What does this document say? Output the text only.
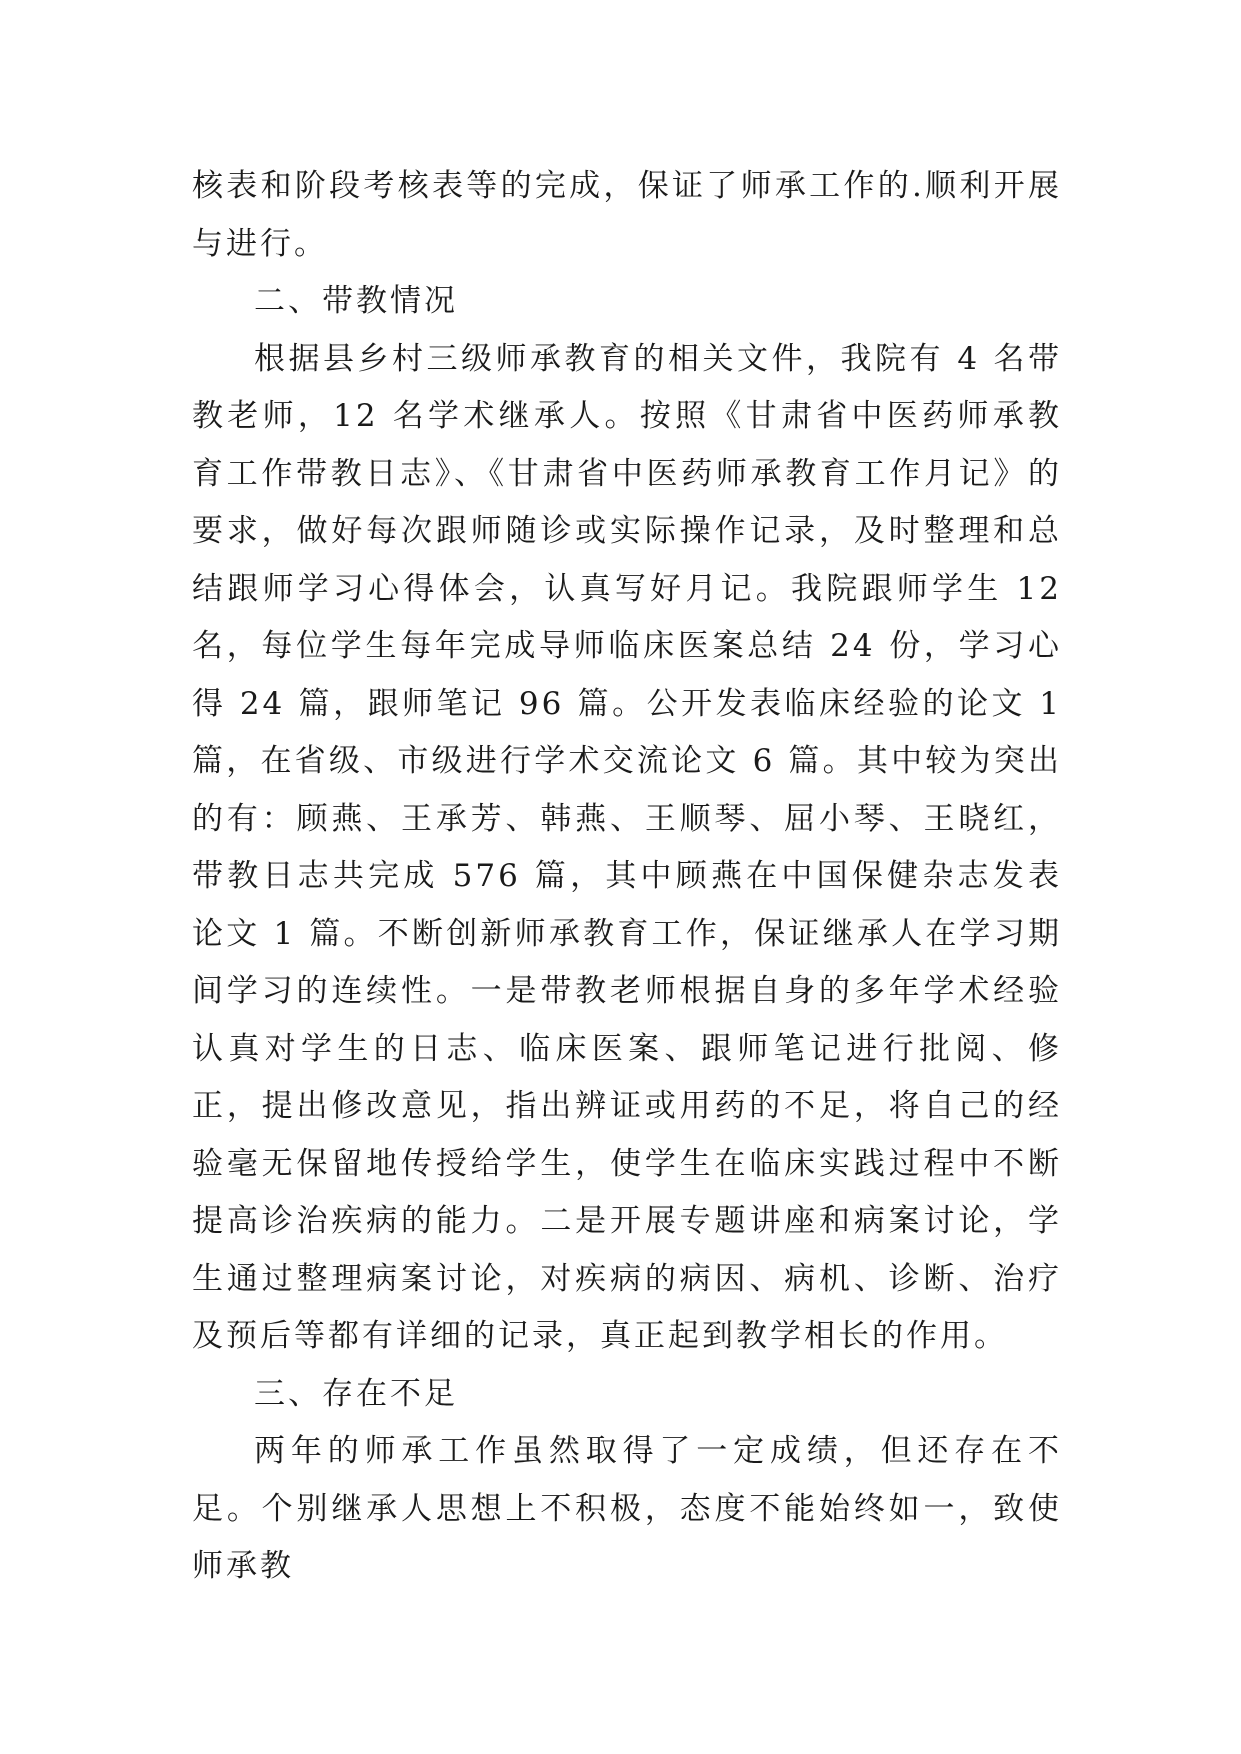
核表和阶段考核表等的完成，保证了师承工作的.顺利开展与进行。

二、带教情况

根据县乡村三级师承教育的相关文件，我院有 4 名带教老师，12 名学术继承人。按照《甘肃省中医药师承教育工作带教日志》、《甘肃省中医药师承教育工作月记》的要求，做好每次跟师随诊或实际操作记录，及时整理和总结跟师学习心得体会，认真写好月记。我院跟师学生 12 名，每位学生每年完成导师临床医案总结 24 份，学习心得 24 篇，跟师笔记 96 篇。公开发表临床经验的论文 1 篇，在省级、市级进行学术交流论文 6 篇。其中较为突出的有：顾燕、王承芳、韩燕、王顺琴、屈小琴、王晓红，带教日志共完成 576 篇，其中顾燕在中国保健杂志发表论文 1 篇。不断创新师承教育工作，保证继承人在学习期间学习的连续性。一是带教老师根据自身的多年学术经验认真对学生的日志、临床医案、跟师笔记进行批阅、修正，提出修改意见，指出辨证或用药的不足，将自己的经验毫无保留地传授给学生，使学生在临床实践过程中不断提高诊治疾病的能力。二是开展专题讲座和病案讨论，学生通过整理病案讨论，对疾病的病因、病机、诊断、治疗及预后等都有详细的记录，真正起到教学相长的作用。

三、存在不足

两年的师承工作虽然取得了一定成绩，但还存在不足。个别继承人思想上不积极，态度不能始终如一，致使师承教
